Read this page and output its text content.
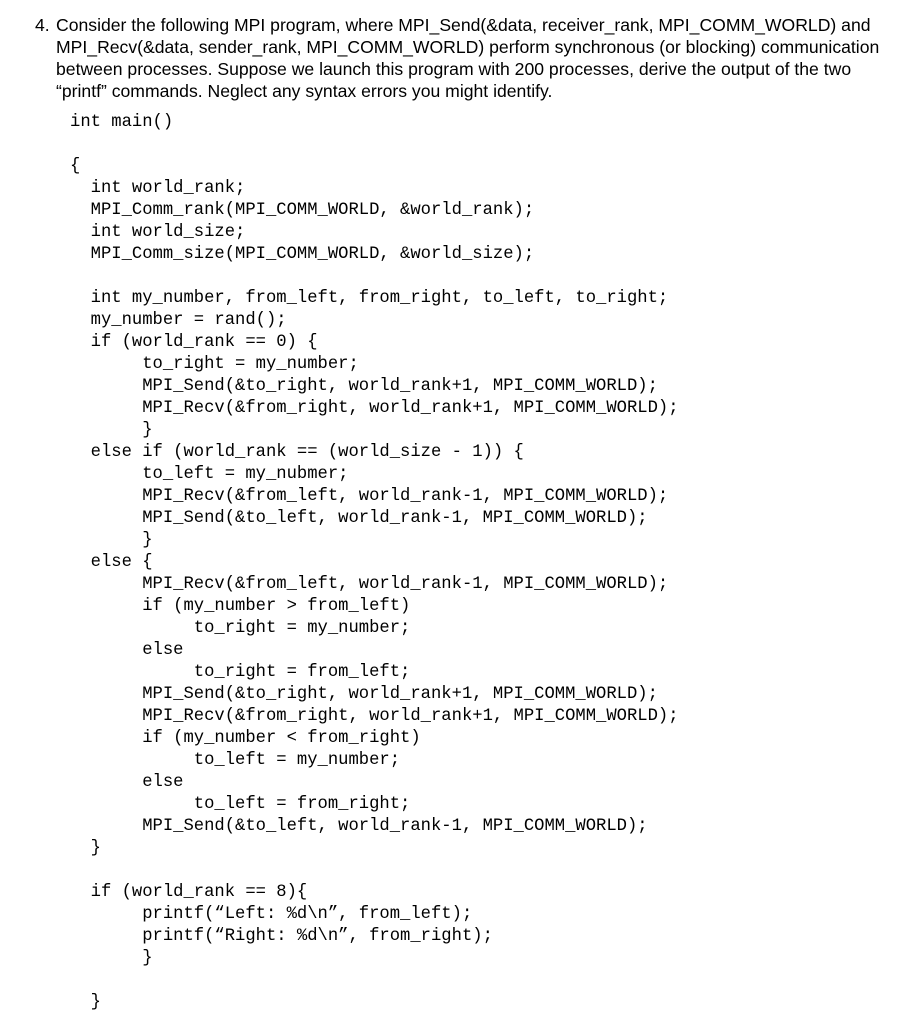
4. Consider the following MPI program, where MPI_Send(&data, receiver_rank, MPI_COMM_WORLD) and MPI_Recv(&data, sender_rank, MPI_COMM_WORLD) perform synchronous (or blocking) communication between processes. Suppose we launch this program with 200 processes, derive the output of the two “printf” commands. Neglect any syntax errors you might identify.
int main()
{
int world_rank;
MPI_Comm_rank(MPI_COMM_WORLD, &world_rank);
int world_size;
MPI_Comm_size(MPI_COMM_WORLD, &world_size);
int my_number, from_left, from_right, to_left, to_right;
my_number = rand();
if (world_rank == 0) {
to_right = my_number;
MPI_Send(&to_right, world_rank+1, MPI_COMM_WORLD);
MPI_Recv(&from_right, world_rank+1, MPI_COMM_WORLD);
}
else if (world_rank == (world_size - 1)) {
to_left = my_nubmer;
MPI_Recv(&from_left, world_rank-1, MPI_COMM_WORLD);
MPI_Send(&to_left, world_rank-1, MPI_COMM_WORLD);
}
else {
MPI_Recv(&from_left, world_rank-1, MPI_COMM_WORLD);
if (my_number > from_left)
to_right = my_number;
else
to_right = from_left;
MPI_Send(&to_right, world_rank+1, MPI_COMM_WORLD);
MPI_Recv(&from_right, world_rank+1, MPI_COMM_WORLD);
if (my_number < from_right)
to_left = my_number;
else
to_left = from_right;
MPI_Send(&to_left, world_rank-1, MPI_COMM_WORLD);
}
if (world_rank == 8){
printf(“Left: %d\n”, from_left);
printf(“Right: %d\n”, from_right);
}
}
